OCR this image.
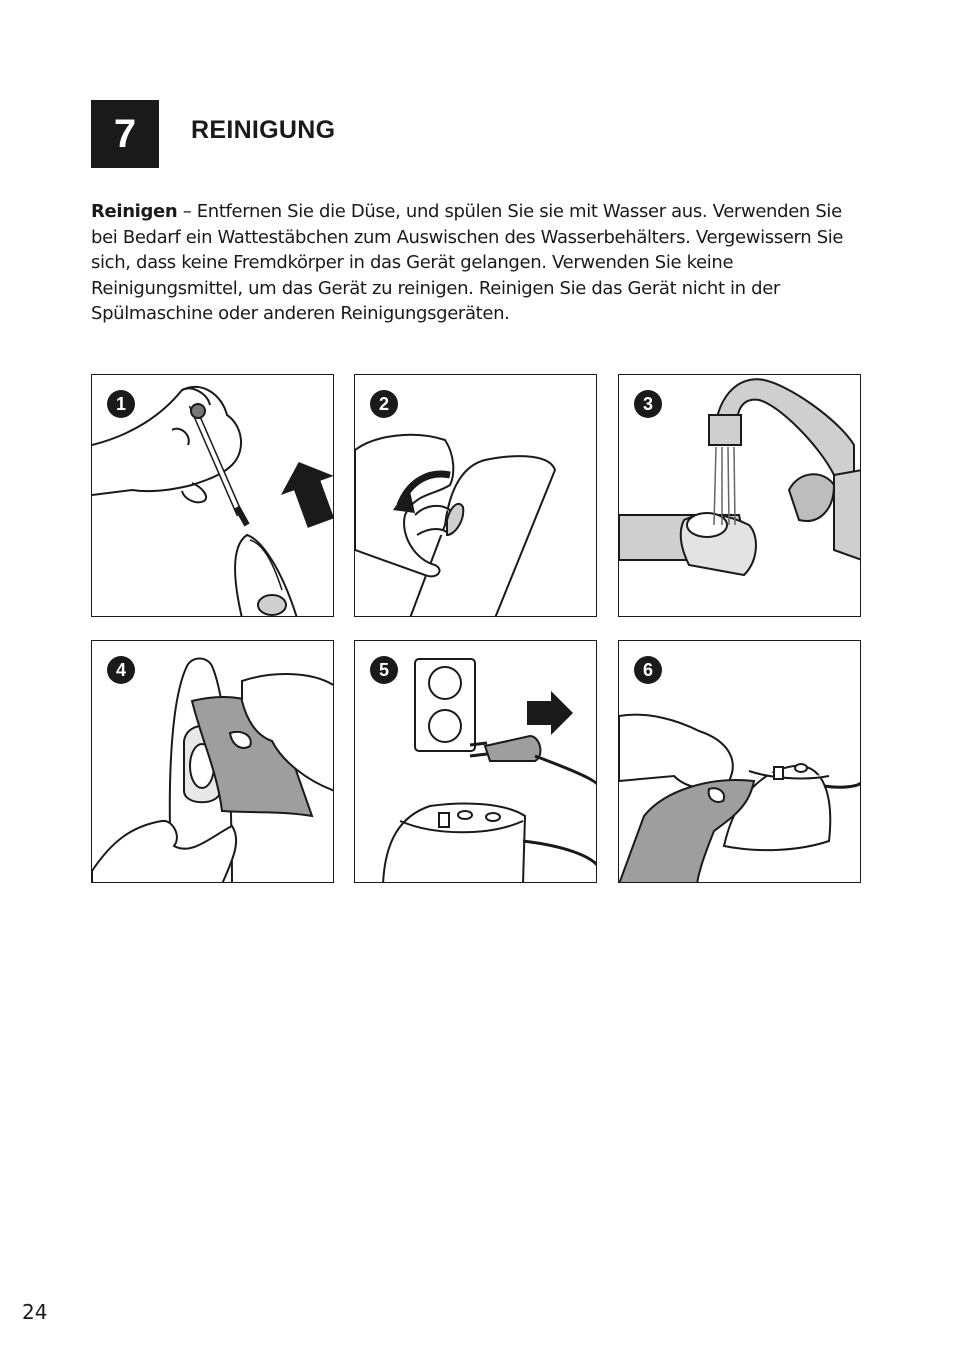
7 REINIGUNG

Reinigen – Entfernen Sie die Düse, und spülen Sie sie mit Wasser aus. Verwenden Sie bei Bedarf ein Wattestäbchen zum Auswischen des Wasserbehälters. Vergewissern Sie sich, dass keine Fremdkörper in das Gerät gelangen. Verwenden Sie keine Reinigungsmittel, um das Gerät zu reinigen. Reinigen Sie das Gerät nicht in der Spülmaschine oder anderen Reinigungsgeräten.

1	2	3
4	5	6
24
